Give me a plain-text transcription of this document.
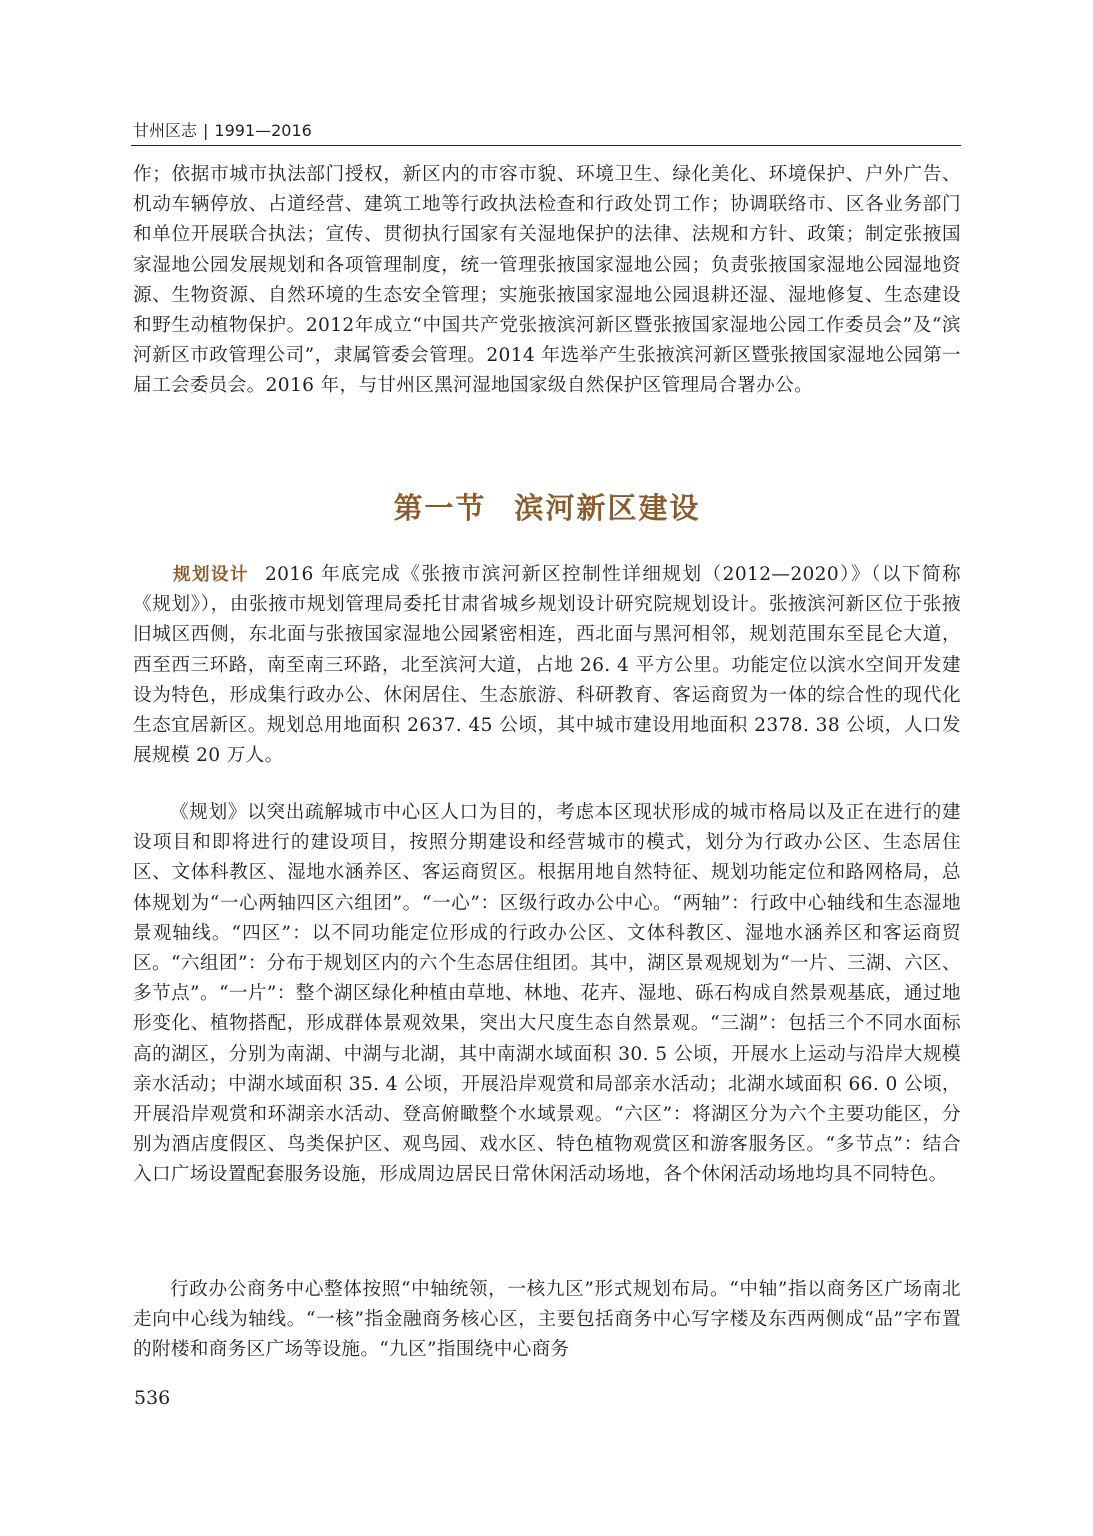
甘州区志 | 1991—2016

作；依据市城市执法部门授权，新区内的市容市貌、环境卫生、绿化美化、环境保护、户外广告、机动车辆停放、占道经营、建筑工地等行政执法检查和行政处罚工作；协调联络市、区各业务部门和单位开展联合执法；宣传、贯彻执行国家有关湿地保护的法律、法规和方针、政策；制定张掖国家湿地公园发展规划和各项管理制度，统一管理张掖国家湿地公园；负责张掖国家湿地公园湿地资源、生物资源、自然环境的生态安全管理；实施张掖国家湿地公园退耕还湿、湿地修复、生态建设和野生动植物保护。2012年成立“中国共产党张掖滨河新区暨张掖国家湿地公园工作委员会”及“滨河新区市政管理公司”，隶属管委会管理。2014 年选举产生张掖滨河新区暨张掖国家湿地公园第一届工会委员会。2016 年，与甘州区黑河湿地国家级自然保护区管理局合署办公。

第一节 滨河新区建设

规划设计 2016 年底完成《张掖市滨河新区控制性详细规划（2012—2020）》（以下简称《规划》），由张掖市规划管理局委托甘肃省城乡规划设计研究院规划设计。张掖滨河新区位于张掖旧城区西侧，东北面与张掖国家湿地公园紧密相连，西北面与黑河相邻，规划范围东至昆仑大道，西至西三环路，南至南三环路，北至滨河大道，占地 26. 4 平方公里。功能定位以滨水空间开发建设为特色，形成集行政办公、休闲居住、生态旅游、科研教育、客运商贸为一体的综合性的现代化生态宜居新区。规划总用地面积 2637. 45 公顷，其中城市建设用地面积 2378. 38 公顷，人口发展规模 20 万人。

《规划》以突出疏解城市中心区人口为目的，考虑本区现状形成的城市格局以及正在进行的建设项目和即将进行的建设项目，按照分期建设和经营城市的模式，划分为行政办公区、生态居住区、文体科教区、湿地水涵养区、客运商贸区。根据用地自然特征、规划功能定位和路网格局，总体规划为“一心两轴四区六组团”。“一心”：区级行政办公中心。“两轴”：行政中心轴线和生态湿地景观轴线。“四区”：以不同功能定位形成的行政办公区、文体科教区、湿地水涵养区和客运商贸区。“六组团”：分布于规划区内的六个生态居住组团。其中，湖区景观规划为“一片、三湖、六区、多节点”。“一片”：整个湖区绿化种植由草地、林地、花卉、湿地、砾石构成自然景观基底，通过地形变化、植物搭配，形成群体景观效果，突出大尺度生态自然景观。“三湖”：包括三个不同水面标高的湖区，分别为南湖、中湖与北湖，其中南湖水域面积 30. 5 公顷，开展水上运动与沿岸大规模亲水活动；中湖水域面积 35. 4 公顷，开展沿岸观赏和局部亲水活动；北湖水域面积 66. 0 公顷，开展沿岸观赏和环湖亲水活动、登高俯瞰整个水域景观。“六区”：将湖区分为六个主要功能区，分别为酒店度假区、鸟类保护区、观鸟园、戏水区、特色植物观赏区和游客服务区。“多节点”：结合入口广场设置配套服务设施，形成周边居民日常休闲活动场地，各个休闲活动场地均具不同特色。

行政办公商务中心整体按照“中轴统领，一核九区”形式规划布局。“中轴”指以商务区广场南北走向中心线为轴线。“一核”指金融商务核心区，主要包括商务中心写字楼及东西两侧成“品”字布置的附楼和商务区广场等设施。“九区”指围绕中心商务

536
